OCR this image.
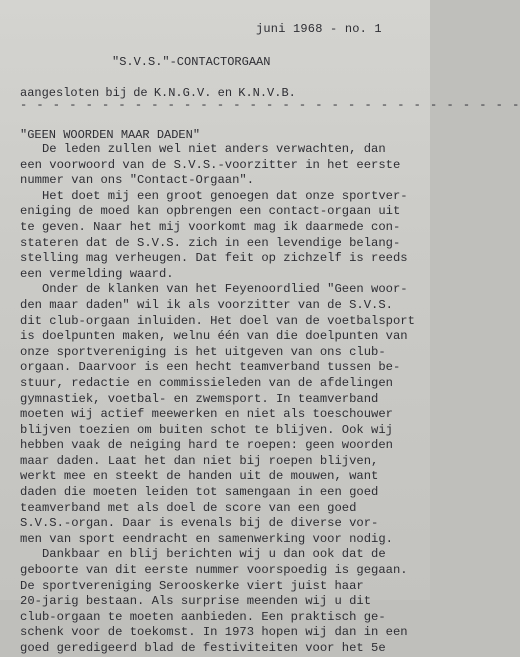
juni 1968 - no. 1
"S.V.S."-CONTACTORGAAN
aangesloten bij de K.N.G.V. en K.N.V.B.
- - - - - - - - - - - - - - - - - - - - - - - - - - - - - - -
"GEEN WOORDEN MAAR DADEN"
De leden zullen wel niet anders verwachten, dan
een voorwoord van de S.V.S.-voorzitter in het eerste
nummer van ons "Contact-Orgaan".
Het doet mij een groot genoegen dat onze sportver-
eniging de moed kan opbrengen een contact-orgaan uit
te geven. Naar het mij voorkomt mag ik daarmede con-
stateren dat de S.V.S. zich in een levendige belang-
stelling mag verheugen. Dat feit op zichzelf is reeds
een vermelding waard.
Onder de klanken van het Feyenoordlied "Geen woor-
den maar daden" wil ik als voorzitter van de S.V.S.
dit club-orgaan inluiden. Het doel van de voetbalsport
is doelpunten maken, welnu één van die doelpunten van
onze sportvereniging is het uitgeven van ons club-
orgaan. Daarvoor is een hecht teamverband tussen be-
stuur, redactie en commissieleden van de afdelingen
gymnastiek, voetbal- en zwemsport. In teamverband
moeten wij actief meewerken en niet als toeschouwer
blijven toezien om buiten schot te blijven. Ook wij
hebben vaak de neiging hard te roepen: geen woorden
maar daden. Laat het dan niet bij roepen blijven,
werkt mee en steekt de handen uit de mouwen, want
daden die moeten leiden tot samengaan in een goed
teamverband met als doel de score van een goed
S.V.S.-organ. Daar is evenals bij de diverse vor-
men van sport eendracht en samenwerking voor nodig.
Dankbaar en blij berichten wij u dan ook dat de
geboorte van dit eerste nummer voorspoedig is gegaan.
De sportvereniging Serooskerke viert juist haar
20-jarig bestaan. Als surprise meenden wij u dit
club-orgaan te moeten aanbieden. Een praktisch ge-
schenk voor de toekomst. In 1973 hopen wij dan in een
goed geredigeerd blad de festiviteiten voor het 5e
